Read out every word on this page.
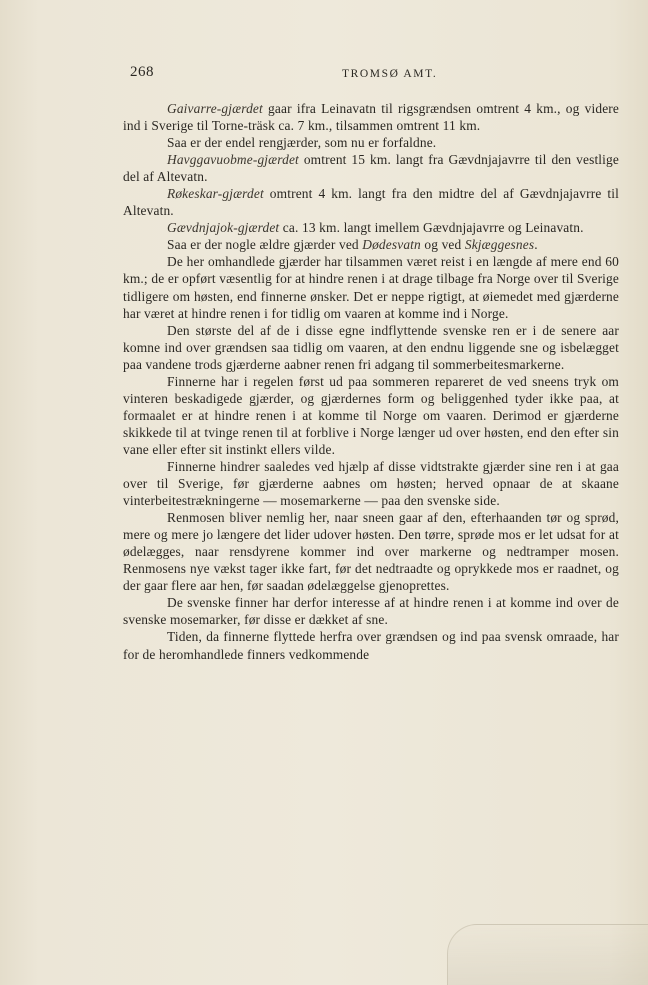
268	TROMSØ AMT.

Gaivarre-gjærdet gaar ifra Leinavatn til rigsgrændsen omtrent 4 km., og videre ind i Sverige til Torne-träsk ca. 7 km., tilsammen omtrent 11 km.

Saa er der endel rengjærder, som nu er forfaldne.

Havggavuobme-gjærdet omtrent 15 km. langt fra Gævdnjajavrre til den vestlige del af Altevatn.

Røkeskar-gjærdet omtrent 4 km. langt fra den midtre del af Gævdnjajavrre til Altevatn.

Gævdnjajok-gjærdet ca. 13 km. langt imellem Gævdnjajavrre og Leinavatn.

Saa er der nogle ældre gjærder ved Dødesvatn og ved Skjæggesnes.

De her omhandlede gjærder har tilsammen været reist i en længde af mere end 60 km.; de er opført væsentlig for at hindre renen i at drage tilbage fra Norge over til Sverige tidligere om høsten, end finnerne ønsker. Det er neppe rigtigt, at øiemedet med gjærderne har været at hindre renen i for tidlig om vaaren at komme ind i Norge.

Den største del af de i disse egne indflyttende svenske ren er i de senere aar komne ind over grændsen saa tidlig om vaaren, at den endnu liggende sne og isbelægget paa vandene trods gjærderne aabner renen fri adgang til sommerbeitesmarkerne.

Finnerne har i regelen først ud paa sommeren repareret de ved sneens tryk om vinteren beskadigede gjærder, og gjærdernes form og beliggenhed tyder ikke paa, at formaalet er at hindre renen i at komme til Norge om vaaren. Derimod er gjærderne skikkede til at tvinge renen til at forblive i Norge længer ud over høsten, end den efter sin vane eller efter sit instinkt ellers vilde.

Finnerne hindrer saaledes ved hjælp af disse vidtstrakte gjærder sine ren i at gaa over til Sverige, før gjærderne aabnes om høsten; herved opnaar de at skaane vinterbeitestrækningerne — mosemarkerne — paa den svenske side.

Renmosen bliver nemlig her, naar sneen gaar af den, efterhaanden tør og sprød, mere og mere jo længere det lider udover høsten. Den tørre, sprøde mos er let udsat for at ødelægges, naar rensdyrene kommer ind over markerne og nedtramper mosen. Renmosens nye vækst tager ikke fart, før det nedtraadte og oprykkede mos er raadnet, og der gaar flere aar hen, før saadan ødelæggelse gjenoprettes.

De svenske finner har derfor interesse af at hindre renen i at komme ind over de svenske mosemarker, før disse er dækket af sne.

Tiden, da finnerne flyttede herfra over grændsen og ind paa svensk omraade, har for de heromhandlede finners vedkommende
